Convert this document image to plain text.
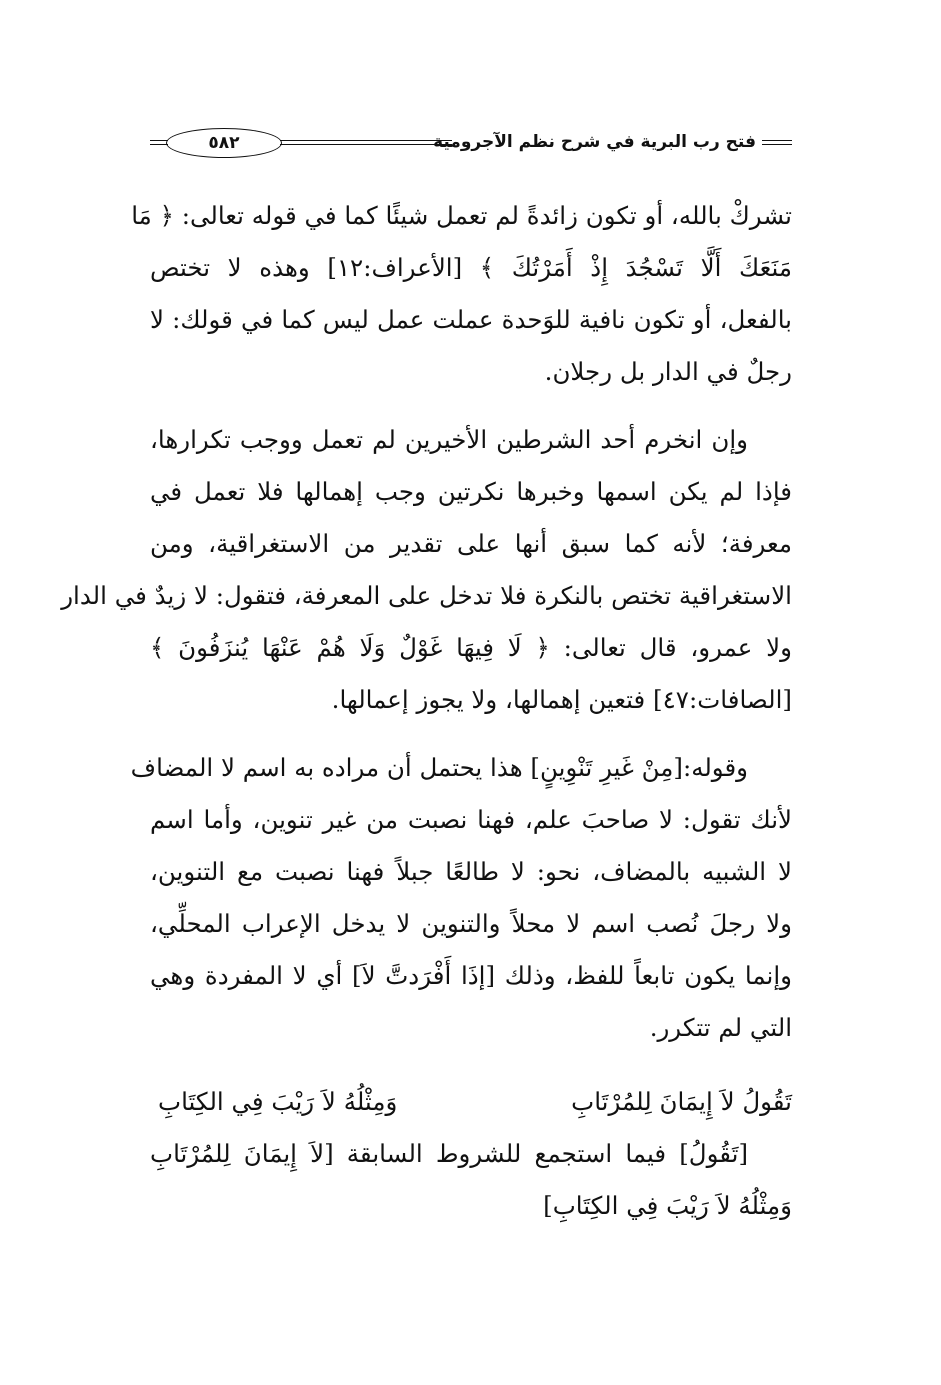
فتح رب البرية في شرح نظم الآجرومية
٥٨٢

تشركْ بالله، أو تكون زائدةً لم تعمل شيئًا كما في قوله تعالى: ﴿ مَا
مَنَعَكَ أَلَّا تَسْجُدَ إِذْ أَمَرْتُكَ ﴾ [الأعراف:١٢] وهذه لا تختص
بالفعل، أو تكون نافية للوَحدة عملت عمل ليس كما في قولك: لا
رجلٌ في الدار بل رجلان.

وإن انخرم أحد الشرطين الأخيرين لم تعمل ووجب تكرارها،
فإذا لم يكن اسمها وخبرها نكرتين وجب إهمالها فلا تعمل في
معرفة؛ لأنه كما سبق أنها على تقدير من الاستغراقية، ومن
الاستغراقية تختص بالنكرة فلا تدخل على المعرفة، فتقول: لا زيدٌ في الدار
ولا عمرو، قال تعالى: ﴿ لَا فِيهَا غَوْلٌ وَلَا هُمْ عَنْهَا يُنزَفُونَ ﴾
[الصافات:٤٧] فتعين إهمالها، ولا يجوز إعمالها.

وقوله:[مِنْ غَيرِ تَنْوِينٍ] هذا يحتمل أن مراده به اسم لا المضاف
لأنك تقول: لا صاحبَ علم، فهنا نصبت من غير تنوين، وأما اسم
لا الشبيه بالمضاف، نحو: لا طالعًا جبلاً فهنا نصبت مع التنوين،
ولا رجلَ نُصب اسم لا محلاً والتنوين لا يدخل الإعراب المحلِّي،
وإنما يكون تابعاً للفظ، وذلك [إذَا أَفْرَدتَّ لاَ] أي لا المفردة وهي
التي لم تتكرر.

تَقُولُ لاَ إِيمَانَ لِلمُرْتَابِ
وَمِثْلُهُ لاَ رَيْبَ فِي الكِتَابِ

[تَقُولُ] فيما استجمع للشروط السابقة [لاَ إِيمَانَ لِلمُرْتَابِ
وَمِثْلُهُ لاَ رَيْبَ فِي الكِتَابِ]
